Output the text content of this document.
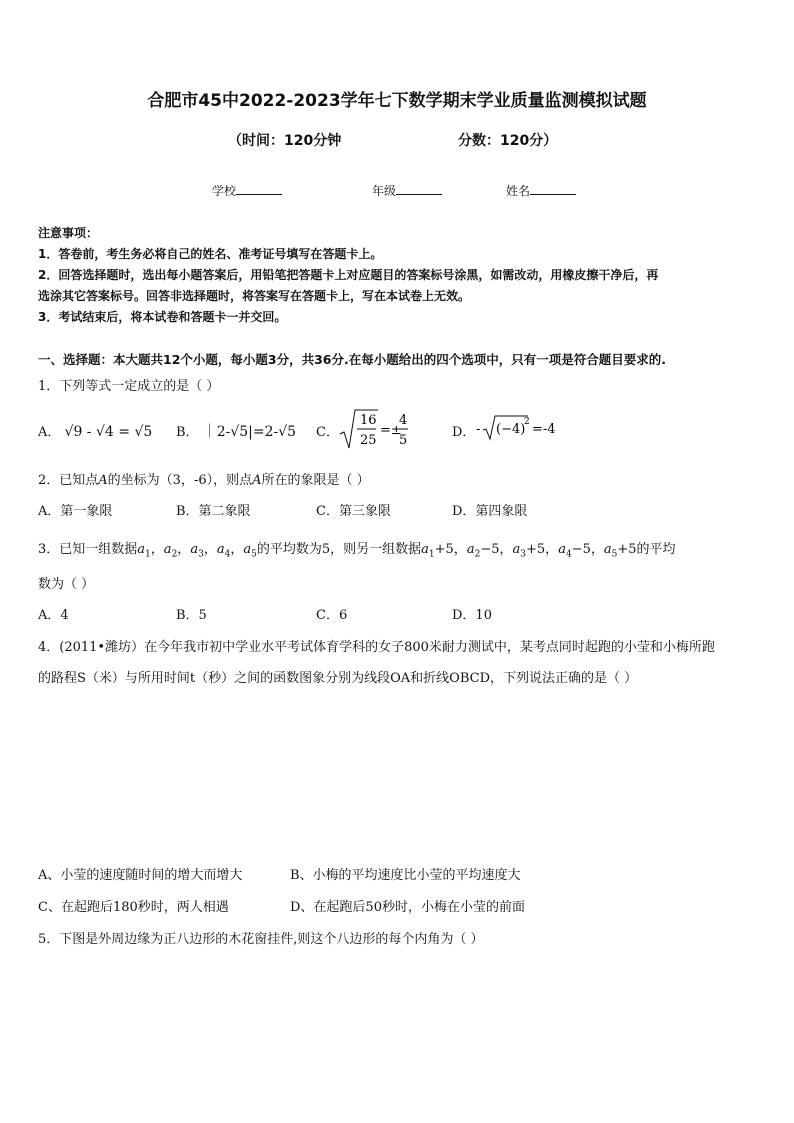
合肥市45中2022-2023学年七下数学期末学业质量监测模拟试题
（时间：120分钟	分数：120分）
学校	年级	姓名
注意事项：
1．答卷前，考生务必将自己的姓名、准考证号填写在答题卡上。
2．回答选择题时，选出每小题答案后，用铅笔把答题卡上对应题目的答案标号涂黑，如需改动，用橡皮擦干净后，再
选涂其它答案标号。回答非选择题时，将答案写在答题卡上，写在本试卷上无效。
3．考试结束后，将本试卷和答题卡一并交回。
一、选择题：本大题共12个小题，每小题3分，共36分.在每小题给出的四个选项中，只有一项是符合题目要求的.
1．下列等式一定成立的是（ ）
A． √9 - √4 = √5 B． ｜2-√5|=2-√5 C．
16
25
=±
4
5
D． - (−4)
2 =-4
2．已知点A的坐标为（3，-6），则点A所在的象限是（ ）
A．第一象限	B．第二象限	C．第三象限	D．第四象限
3．已知一组数据$a_1$，$a_2$，$a_3$，$a_4$，$a_5$的平均数为5，则另一组数据$a_1+5$，$a_2-5$，$a_3+5$，$a_4-5$，$a_5+5$的平均
数为（ ）
A．4	B．5	C．6	D．10
4．(2011•潍坊）在今年我市初中学业水平考试体育学科的女子800米耐力测试中，某考点同时起跑的小莹和小梅所跑
的路程S（米）与所用时间t（秒）之间的函数图象分别为线段OA和折线OBCD，下列说法正确的是（ ）
A、小莹的速度随时间的增大而增大	B、小梅的平均速度比小莹的平均速度大
C、在起跑后180秒时，两人相遇	D、在起跑后50秒时，小梅在小莹的前面
5．下图是外周边缘为正八边形的木花窗挂件,则这个八边形的每个内角为（ ）
